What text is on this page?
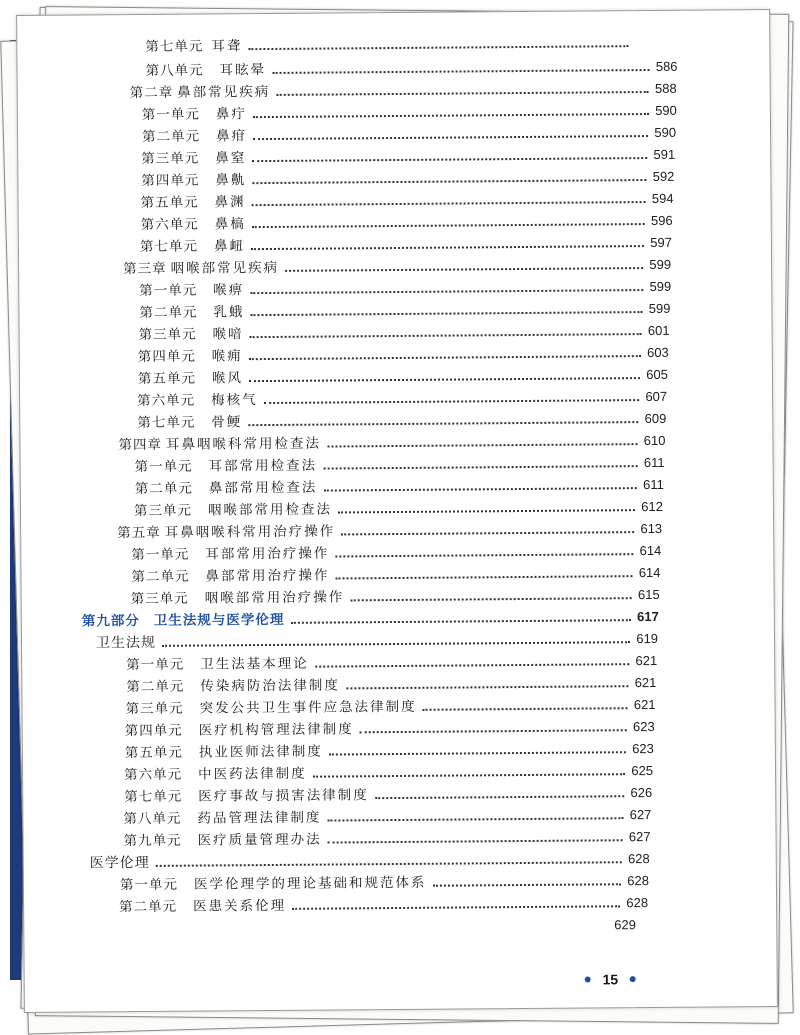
第七单元 耳聋
第八单元	耳眩晕	586
第二章 鼻部常见疾病	588
第一单元	鼻疔	590
第二单元	鼻疳	590
第三单元	鼻窒	591
第四单元	鼻鼽	592
第五单元	鼻渊	594
第六单元	鼻槁	596
第七单元	鼻衄	597
第三章 咽喉部常见疾病	599
第一单元	喉痹	599
第二单元	乳蛾	599
第三单元	喉喑	601
第四单元	喉痈	603
第五单元	喉风	605
第六单元	梅核气	607
第七单元	骨鲠	609
第四章 耳鼻咽喉科常用检查法	610
第一单元	耳部常用检查法	611
第二单元	鼻部常用检查法	611
第三单元	咽喉部常用检查法	612
第五章 耳鼻咽喉科常用治疗操作	613
第一单元	耳部常用治疗操作	614
第二单元	鼻部常用治疗操作	614
第三单元	咽喉部常用治疗操作	615
第九部分	卫生法规与医学伦理	617
卫生法规	619
第一单元	卫生法基本理论	621
第二单元	传染病防治法律制度	621
第三单元	突发公共卫生事件应急法律制度	621
第四单元	医疗机构管理法律制度	623
第五单元	执业医师法律制度	623
第六单元	中医药法律制度	625
第七单元	医疗事故与损害法律制度	626
第八单元	药品管理法律制度	627
第九单元	医疗质量管理办法	627
医学伦理	628
第一单元	医学伦理学的理论基础和规范体系	628
第二单元	医患关系伦理	628
629
15
